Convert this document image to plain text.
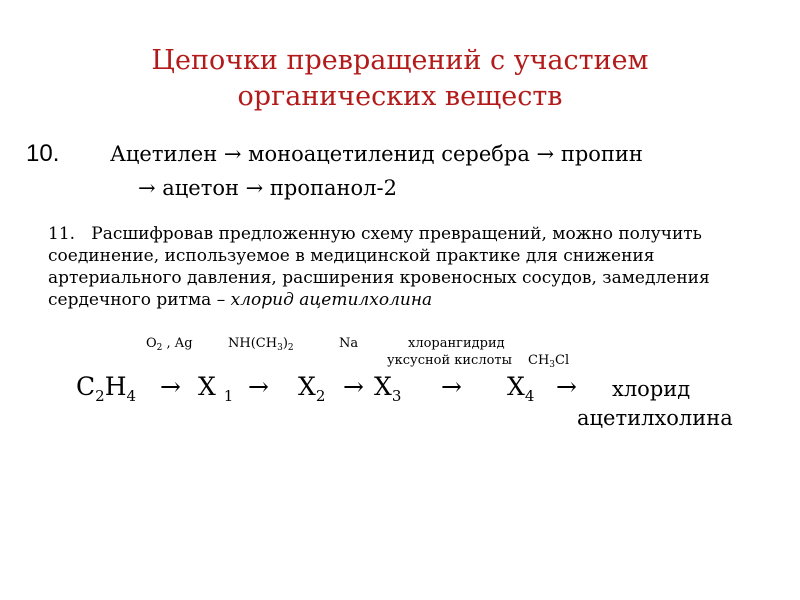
Цепочки превращений с участием
органических веществ
10. Ацетилен → моноацетиленид серебра → пропин
→ ацетон → пропанол-2
11. Расшифровав предложенную схему превращений, можно получить соединение, используемое в медицинской практике для снижения артериального давления, расширения кровеносных сосудов, замедления сердечного ритма – хлорид ацетилхолина
$O_2$ , Ag	$NH(CH_3)_2$	Na	хлорангидрид
уксусной кислоты $CH_3Cl$
$C_2H_4 \to X$ $_1 \to X_2 \to X_3 \to X_4$ → хлорид
ацетилхолина
